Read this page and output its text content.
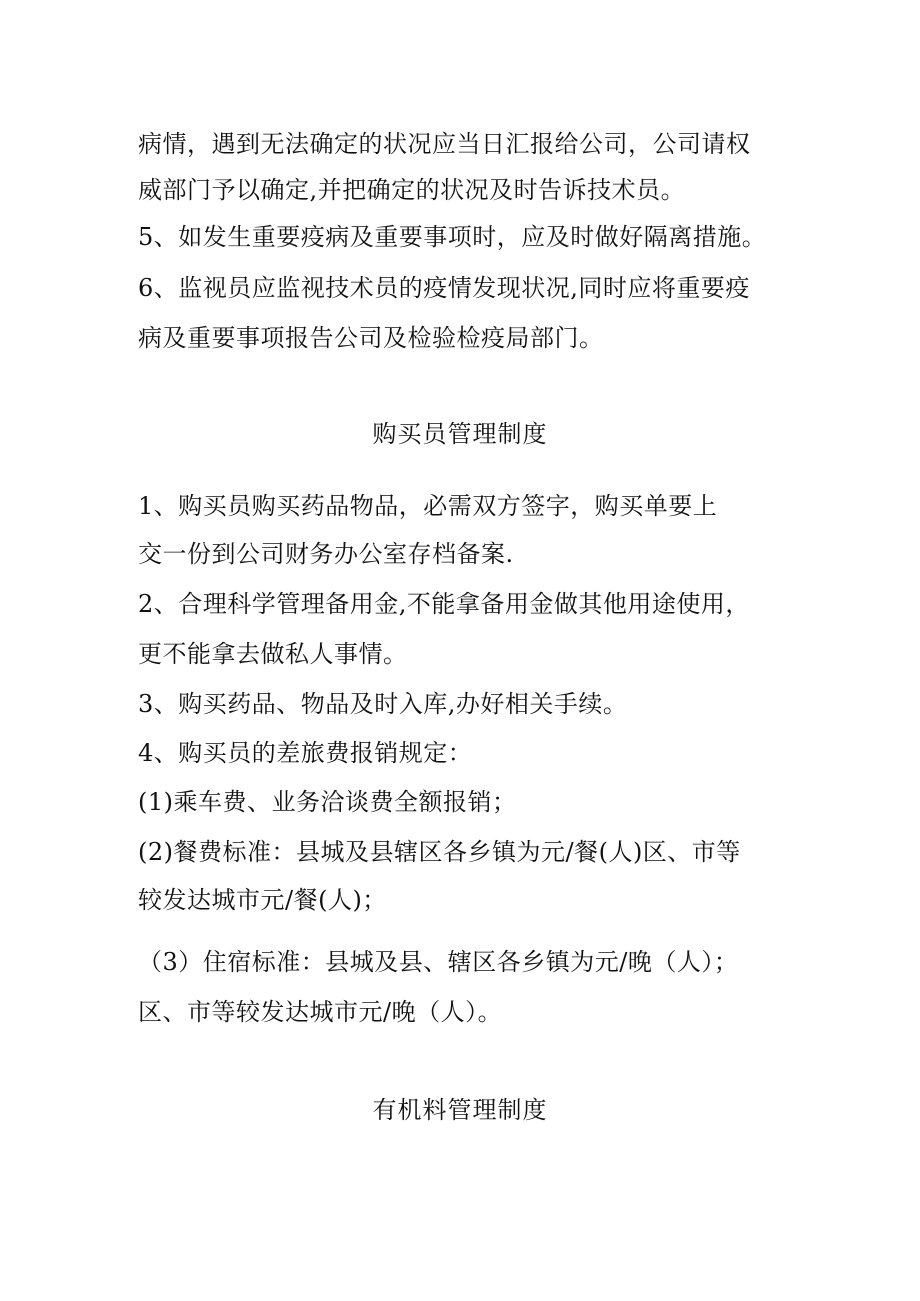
病情，遇到无法确定的状况应当日汇报给公司，公司请权
威部门予以确定,并把确定的状况及时告诉技术员。
5、如发生重要疫病及重要事项时，应及时做好隔离措施。
6、监视员应监视技术员的疫情发现状况,同时应将重要疫
病及重要事项报告公司及检验检疫局部门。
购买员管理制度
1、购买员购买药品物品，必需双方签字，购买单要上
交一份到公司财务办公室存档备案.
2、合理科学管理备用金,不能拿备用金做其他用途使用，
更不能拿去做私人事情。
3、购买药品、物品及时入库,办好相关手续。
4、购买员的差旅费报销规定：
(1)乘车费、业务洽谈费全额报销；
(2)餐费标准：县城及县辖区各乡镇为元/餐(人)区、市等
较发达城市元/餐(人)；
（3）住宿标准：县城及县、辖区各乡镇为元/晚（人）；
区、市等较发达城市元/晚（人）。
有机料管理制度
